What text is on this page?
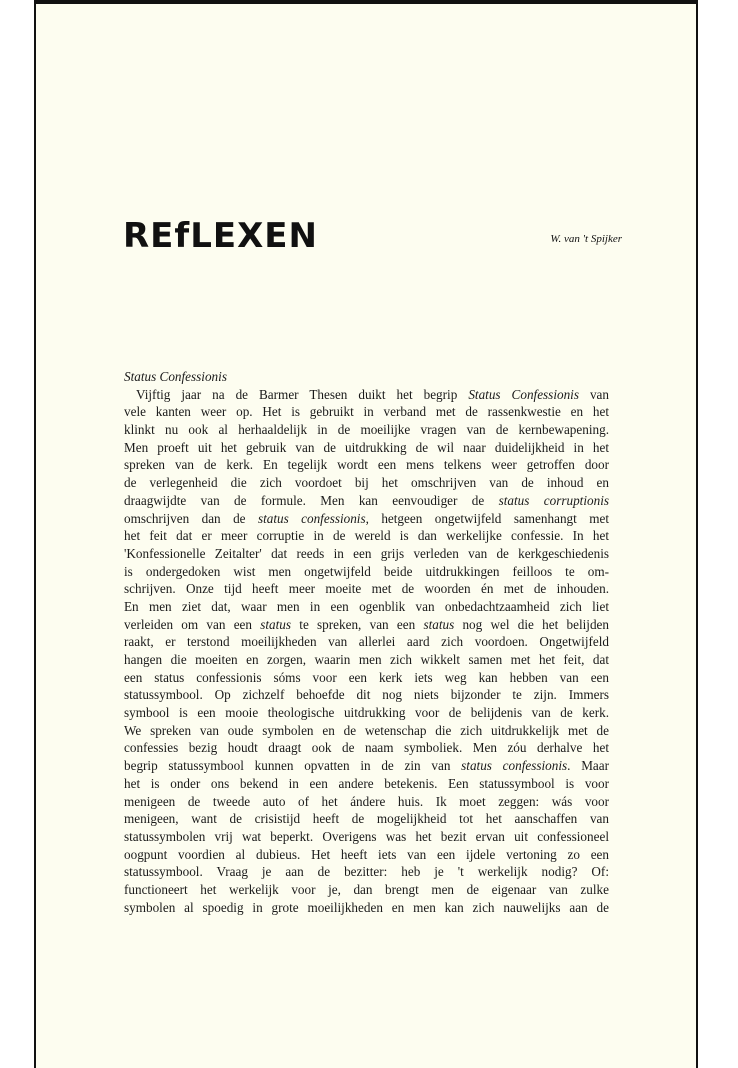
REfLEXEN	W. van 't Spijker

Status Confessionis

Vijftig jaar na de Barmer Thesen duikt het begrip Status Confessionis van
vele kanten weer op. Het is gebruikt in verband met de rassenkwestie en het
klinkt nu ook al herhaaldelijk in de moeilijke vragen van de kernbewapening.
Men proeft uit het gebruik van de uitdrukking de wil naar duidelijkheid in het
spreken van de kerk. En tegelijk wordt een mens telkens weer getroffen door
de verlegenheid die zich voordoet bij het omschrijven van de inhoud en
draagwijdte van de formule. Men kan eenvoudiger de status corruptionis
omschrijven dan de status confessionis, hetgeen ongetwijfeld samenhangt met
het feit dat er meer corruptie in de wereld is dan werkelijke confessie. In het
'Konfessionelle Zeitalter' dat reeds in een grijs verleden van de kerkgeschiedenis
is ondergedoken wist men ongetwijfeld beide uitdrukkingen feilloos te om-
schrijven. Onze tijd heeft meer moeite met de woorden én met de inhouden.
En men ziet dat, waar men in een ogenblik van onbedachtzaamheid zich liet
verleiden om van een status te spreken, van een status nog wel die het belijden
raakt, er terstond moeilijkheden van allerlei aard zich voordoen. Ongetwijfeld
hangen die moeiten en zorgen, waarin men zich wikkelt samen met het feit, dat
een status confessionis sóms voor een kerk iets weg kan hebben van een
statussymbool. Op zichzelf behoefde dit nog niets bijzonder te zijn. Immers
symbool is een mooie theologische uitdrukking voor de belijdenis van de kerk.
We spreken van oude symbolen en de wetenschap die zich uitdrukkelijk met de
confessies bezig houdt draagt ook de naam symboliek. Men zóu derhalve het
begrip statussymbool kunnen opvatten in de zin van status confessionis. Maar
het is onder ons bekend in een andere betekenis. Een statussymbool is voor
menigeen de tweede auto of het ándere huis. Ik moet zeggen: wás voor
menigeen, want de crisistijd heeft de mogelijkheid tot het aanschaffen van
statussymbolen vrij wat beperkt. Overigens was het bezit ervan uit confessioneel
oogpunt voordien al dubieus. Het heeft iets van een ijdele vertoning zo een
statussymbool. Vraag je aan de bezitter: heb je 't werkelijk nodig? Of:
functioneert het werkelijk voor je, dan brengt men de eigenaar van zulke
symbolen al spoedig in grote moeilijkheden en men kan zich nauwelijks aan de
